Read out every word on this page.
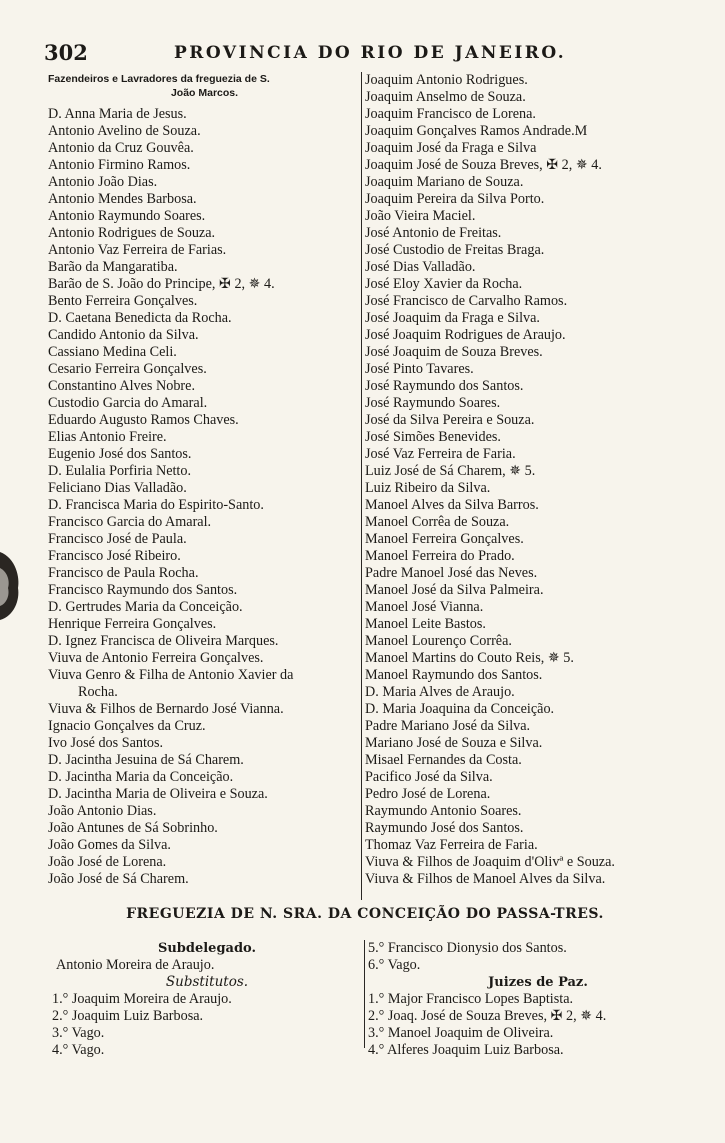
302	PROVINCIA DO RIO DE JANEIRO.
Fazendeiros e Lavradores da freguezia de S.
João Marcos.
D. Anna Maria de Jesus.
Antonio Avelino de Souza.
Antonio da Cruz Gouvêa.
Antonio Firmino Ramos.
Antonio João Dias.
Antonio Mendes Barbosa.
Antonio Raymundo Soares.
Antonio Rodrigues de Souza.
Antonio Vaz Ferreira de Farias.
Barão da Mangaratiba.
Barão de S. João do Principe, ✠ 2, ✵ 4.
Bento Ferreira Gonçalves.
D. Caetana Benedicta da Rocha.
Candido Antonio da Silva.
Cassiano Medina Celi.
Cesario Ferreira Gonçalves.
Constantino Alves Nobre.
Custodio Garcia do Amaral.
Eduardo Augusto Ramos Chaves.
Elias Antonio Freire.
Eugenio José dos Santos.
D. Eulalia Porfiria Netto.
Feliciano Dias Valladão.
D. Francisca Maria do Espirito-Santo.
Francisco Garcia do Amaral.
Francisco José de Paula.
Francisco José Ribeiro.
Francisco de Paula Rocha.
Francisco Raymundo dos Santos.
D. Gertrudes Maria da Conceição.
Henrique Ferreira Gonçalves.
D. Ignez Francisca de Oliveira Marques.
Viuva de Antonio Ferreira Gonçalves.
Viuva Genro & Filha de Antonio Xavier da
Rocha.
Viuva & Filhos de Bernardo José Vianna.
Ignacio Gonçalves da Cruz.
Ivo José dos Santos.
D. Jacintha Jesuina de Sá Charem.
D. Jacintha Maria da Conceição.
D. Jacintha Maria de Oliveira e Souza.
João Antonio Dias.
João Antunes de Sá Sobrinho.
João Gomes da Silva.
João José de Lorena.
João José de Sá Charem.
Joaquim Antonio Rodrigues.
Joaquim Anselmo de Souza.
Joaquim Francisco de Lorena.
Joaquim Gonçalves Ramos Andrade.M
Joaquim José da Fraga e Silva
Joaquim José de Souza Breves, ✠ 2, ✵ 4.
Joaquim Mariano de Souza.
Joaquim Pereira da Silva Porto.
João Vieira Maciel.
José Antonio de Freitas.
José Custodio de Freitas Braga.
José Dias Valladão.
José Eloy Xavier da Rocha.
José Francisco de Carvalho Ramos.
José Joaquim da Fraga e Silva.
José Joaquim Rodrigues de Araujo.
José Joaquim de Souza Breves.
José Pinto Tavares.
José Raymundo dos Santos.
José Raymundo Soares.
José da Silva Pereira e Souza.
José Simões Benevides.
José Vaz Ferreira de Faria.
Luiz José de Sá Charem, ✵ 5.
Luiz Ribeiro da Silva.
Manoel Alves da Silva Barros.
Manoel Corrêa de Souza.
Manoel Ferreira Gonçalves.
Manoel Ferreira do Prado.
Padre Manoel José das Neves.
Manoel José da Silva Palmeira.
Manoel José Vianna.
Manoel Leite Bastos.
Manoel Lourenço Corrêa.
Manoel Martins do Couto Reis, ✵ 5.
Manoel Raymundo dos Santos.
D. Maria Alves de Araujo.
D. Maria Joaquina da Conceição.
Padre Mariano José da Silva.
Mariano José de Souza e Silva.
Misael Fernandes da Costa.
Pacifico José da Silva.
Pedro José de Lorena.
Raymundo Antonio Soares.
Raymundo José dos Santos.
Thomaz Vaz Ferreira de Faria.
Viuva & Filhos de Joaquim d'Olivª e Souza.
Viuva & Filhos de Manoel Alves da Silva.
FREGUEZIA DE N. SRA. DA CONCEIÇÃO DO PASSA-TRES.
Subdelegado.
Antonio Moreira de Araujo.
Substitutos.
1.° Joaquim Moreira de Araujo.
2.° Joaquim Luiz Barbosa.
3.° Vago.
4.° Vago.
5.° Francisco Dionysio dos Santos.
6.° Vago.
Juizes de Paz.
1.° Major Francisco Lopes Baptista.
2.° Joaq. José de Souza Breves, ✠ 2, ✵ 4.
3.° Manoel Joaquim de Oliveira.
4.° Alferes Joaquim Luiz Barbosa.
